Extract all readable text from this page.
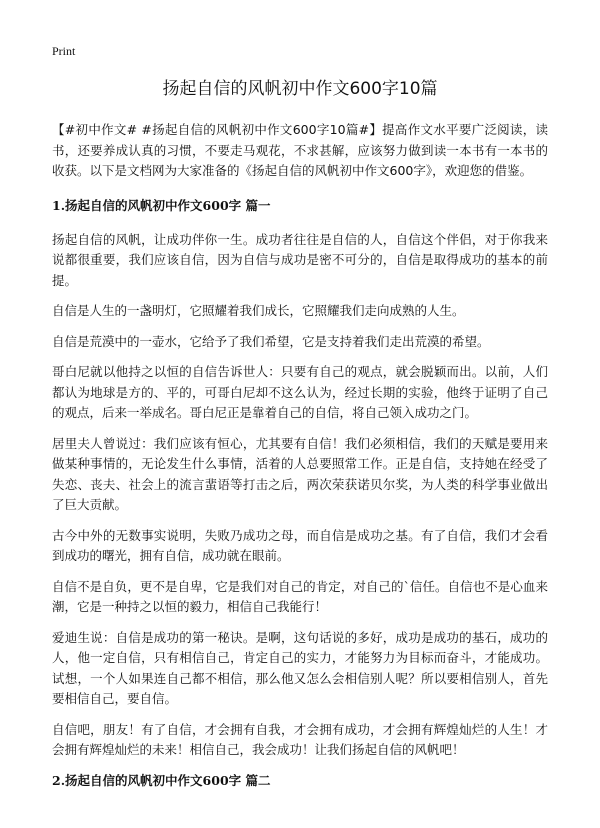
Print
扬起自信的风帆初中作文600字10篇

【#初中作文# #扬起自信的风帆初中作文600字10篇#】提高作文水平要广泛阅读，读书，还要养成认真的习惯，不要走马观花，不求甚解，应该努力做到读一本书有一本书的收获。以下是文档网为大家准备的《扬起自信的风帆初中作文600字》，欢迎您的借鉴。

1.扬起自信的风帆初中作文600字 篇一

扬起自信的风帆，让成功伴你一生。成功者往往是自信的人，自信这个伴侣，对于你我来说都很重要，我们应该自信，因为自信与成功是密不可分的，自信是取得成功的基本的前提。

自信是人生的一盏明灯，它照耀着我们成长，它照耀我们走向成熟的人生。

自信是荒漠中的一壶水，它给予了我们希望，它是支持着我们走出荒漠的希望。

哥白尼就以他持之以恒的自信告诉世人：只要有自己的观点，就会脱颖而出。以前，人们都认为地球是方的、平的，可哥白尼却不这么认为，经过长期的实验，他终于证明了自己的观点，后来一举成名。哥白尼正是靠着自己的自信，将自己领入成功之门。

居里夫人曾说过：我们应该有恒心，尤其要有自信！我们必须相信，我们的天赋是要用来做某种事情的，无论发生什么事情，活着的人总要照常工作。正是自信，支持她在经受了失恋、丧夫、社会上的流言蜚语等打击之后，两次荣获诺贝尔奖，为人类的科学事业做出了巨大贡献。

古今中外的无数事实说明，失败乃成功之母，而自信是成功之基。有了自信，我们才会看到成功的曙光，拥有自信，成功就在眼前。

自信不是自负，更不是自卑，它是我们对自己的肯定，对自己的`信任。自信也不是心血来潮，它是一种持之以恒的毅力，相信自己我能行！

爱迪生说：自信是成功的第一秘诀。是啊，这句话说的多好，成功是成功的基石，成功的人，他一定自信，只有相信自己，肯定自己的实力，才能努力为目标而奋斗，才能成功。试想，一个人如果连自己都不相信，那么他又怎么会相信别人呢？所以要相信别人，首先要相信自己，要自信。

自信吧，朋友！有了自信，才会拥有自我，才会拥有成功，才会拥有辉煌灿烂的人生！才会拥有辉煌灿烂的未来！相信自己，我会成功！让我们扬起自信的风帆吧！

2.扬起自信的风帆初中作文600字 篇二
